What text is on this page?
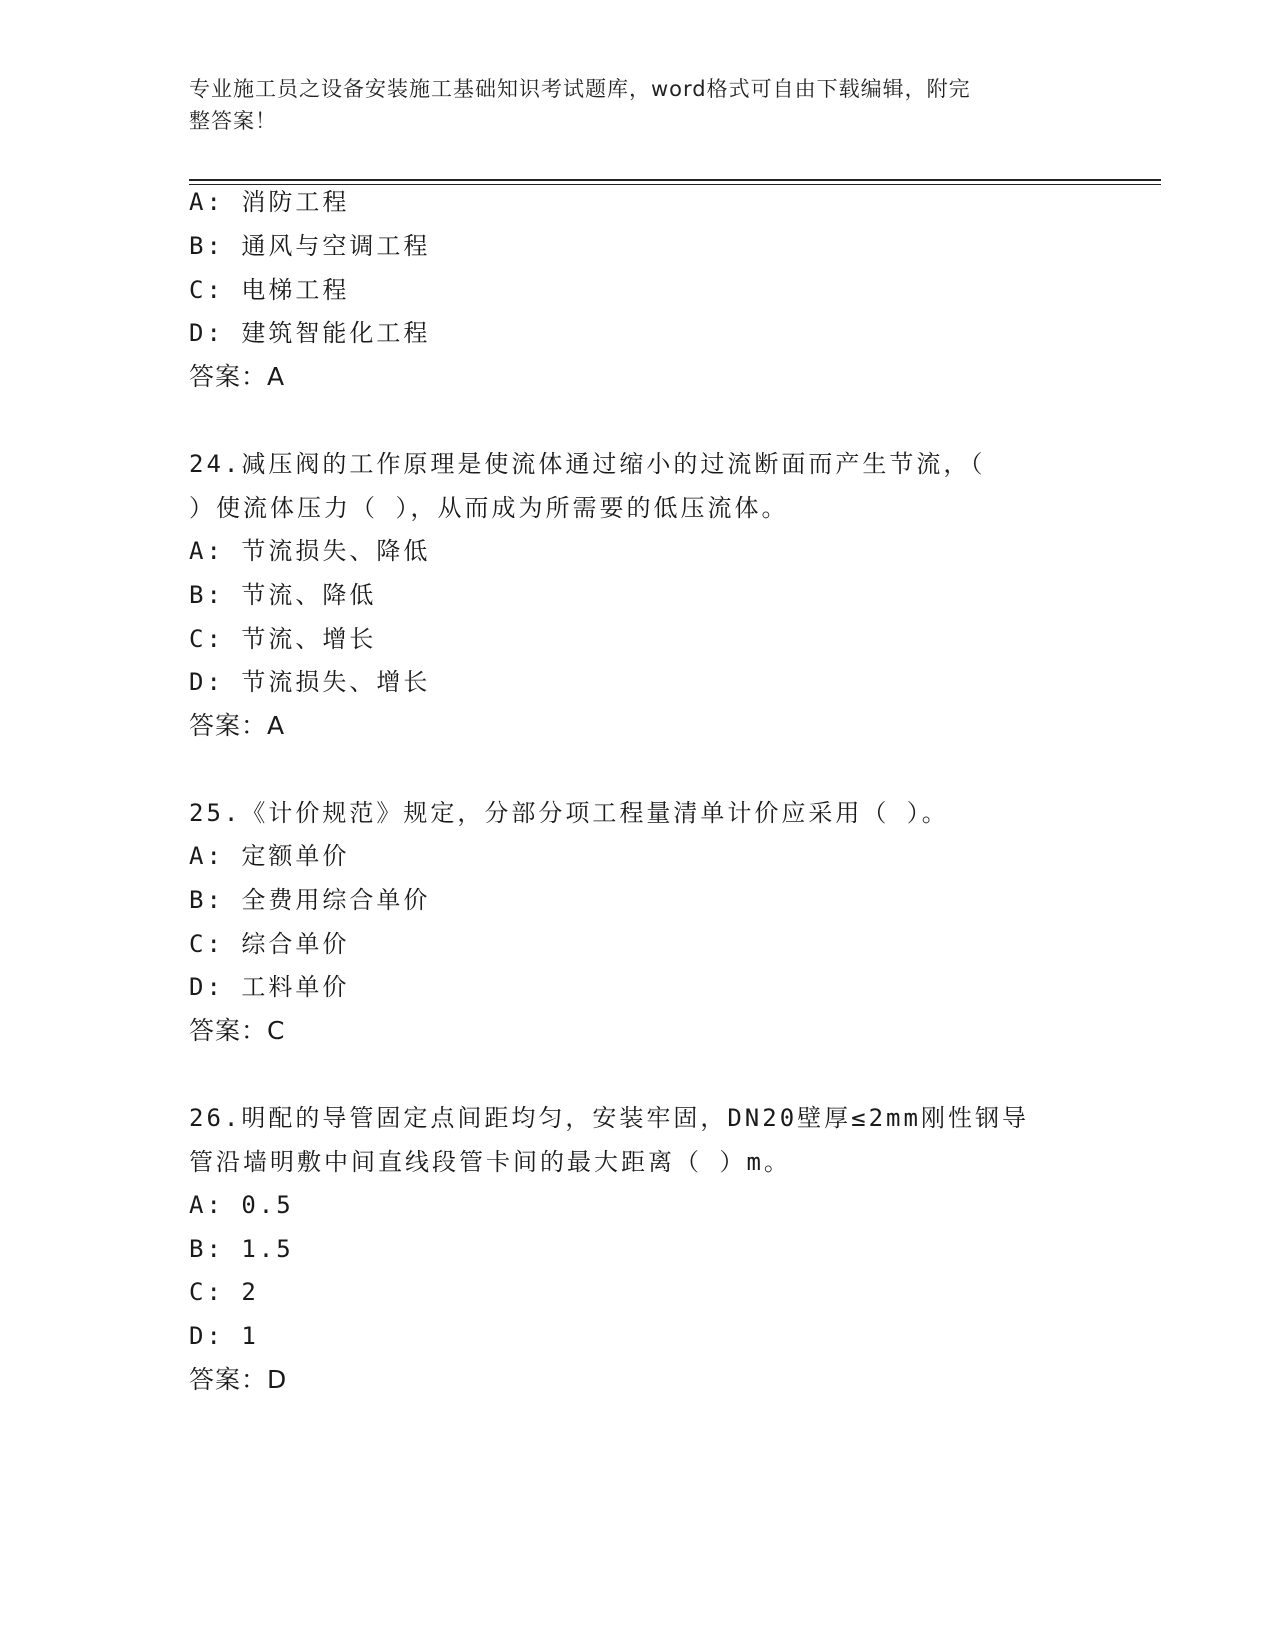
专业施工员之设备安装施工基础知识考试题库，word格式可自由下载编辑，附完
整答案！
A: 消防工程
B: 通风与空调工程
C: 电梯工程
D: 建筑智能化工程
答案：A
24.减压阀的工作原理是使流体通过缩小的过流断面而产生节流，（
）使流体压力（ ），从而成为所需要的低压流体。
A: 节流损失、降低
B: 节流、降低
C: 节流、增长
D: 节流损失、增长
答案：A
25.《计价规范》规定，分部分项工程量清单计价应采用（ ）。
A: 定额单价
B: 全费用综合单价
C: 综合单价
D: 工料单价
答案：C
26.明配的导管固定点间距均匀，安装牢固，DN20壁厚≤2mm刚性钢导
管沿墙明敷中间直线段管卡间的最大距离（ ）m。
A: 0.5
B: 1.5
C: 2
D: 1
答案：D
